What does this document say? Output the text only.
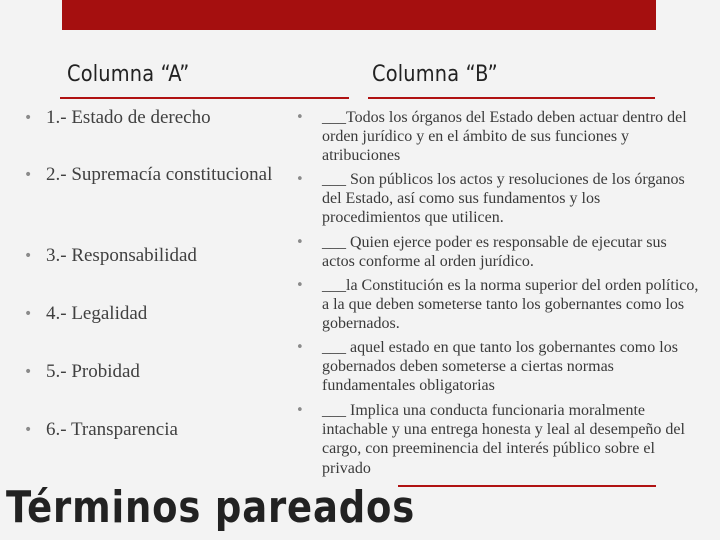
Columna “A”	Columna “B”
• 1.- Estado de derecho
• 2.- Supremacía constitucional
• 3.- Responsabilidad
• 4.- Legalidad
• 5.- Probidad
• 6.- Transparencia
• ___Todos los órganos del Estado deben actuar dentro del orden jurídico y en el ámbito de sus funciones y atribuciones
• ___ Son públicos los actos y resoluciones de los órganos del Estado, así como sus fundamentos y los procedimientos que utilicen.
• ___ Quien ejerce poder es responsable de ejecutar sus actos conforme al orden jurídico.
• ___la Constitución es la norma superior del orden político, a la que deben someterse tanto los gobernantes como los gobernados.
• ___ aquel estado en que tanto los gobernantes como los gobernados deben someterse a ciertas normas fundamentales obligatorias
• ___ Implica una conducta funcionaria moralmente intachable y una entrega honesta y leal al desempeño del cargo, con preeminencia del interés público sobre el privado
Términos pareados
